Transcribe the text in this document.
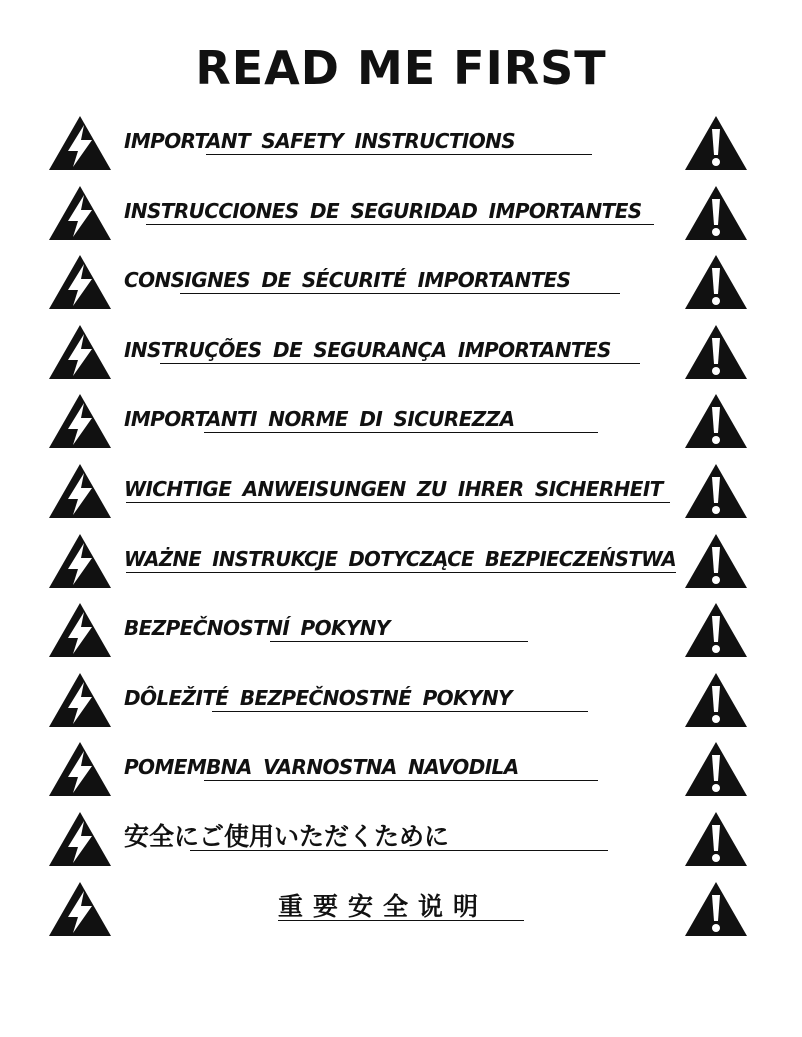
READ ME FIRST
IMPORTANT SAFETY INSTRUCTIONS
INSTRUCCIONES DE SEGURIDAD IMPORTANTES
CONSIGNES DE SÉCURITÉ IMPORTANTES
INSTRUÇÕES DE SEGURANÇA IMPORTANTES
IMPORTANTI NORME DI SICUREZZA
WICHTIGE ANWEISUNGEN ZU IHRER SICHERHEIT
WAŻNE INSTRUKCJE DOTYCZĄCE BEZPIECZEŃSTWA
BEZPEČNOSTNÍ POKYNY
DÔLEŽITÉ BEZPEČNOSTNÉ POKYNY
POMEMBNA VARNOSTNA NAVODILA
安全にご使用いただくために
重要安全说明
